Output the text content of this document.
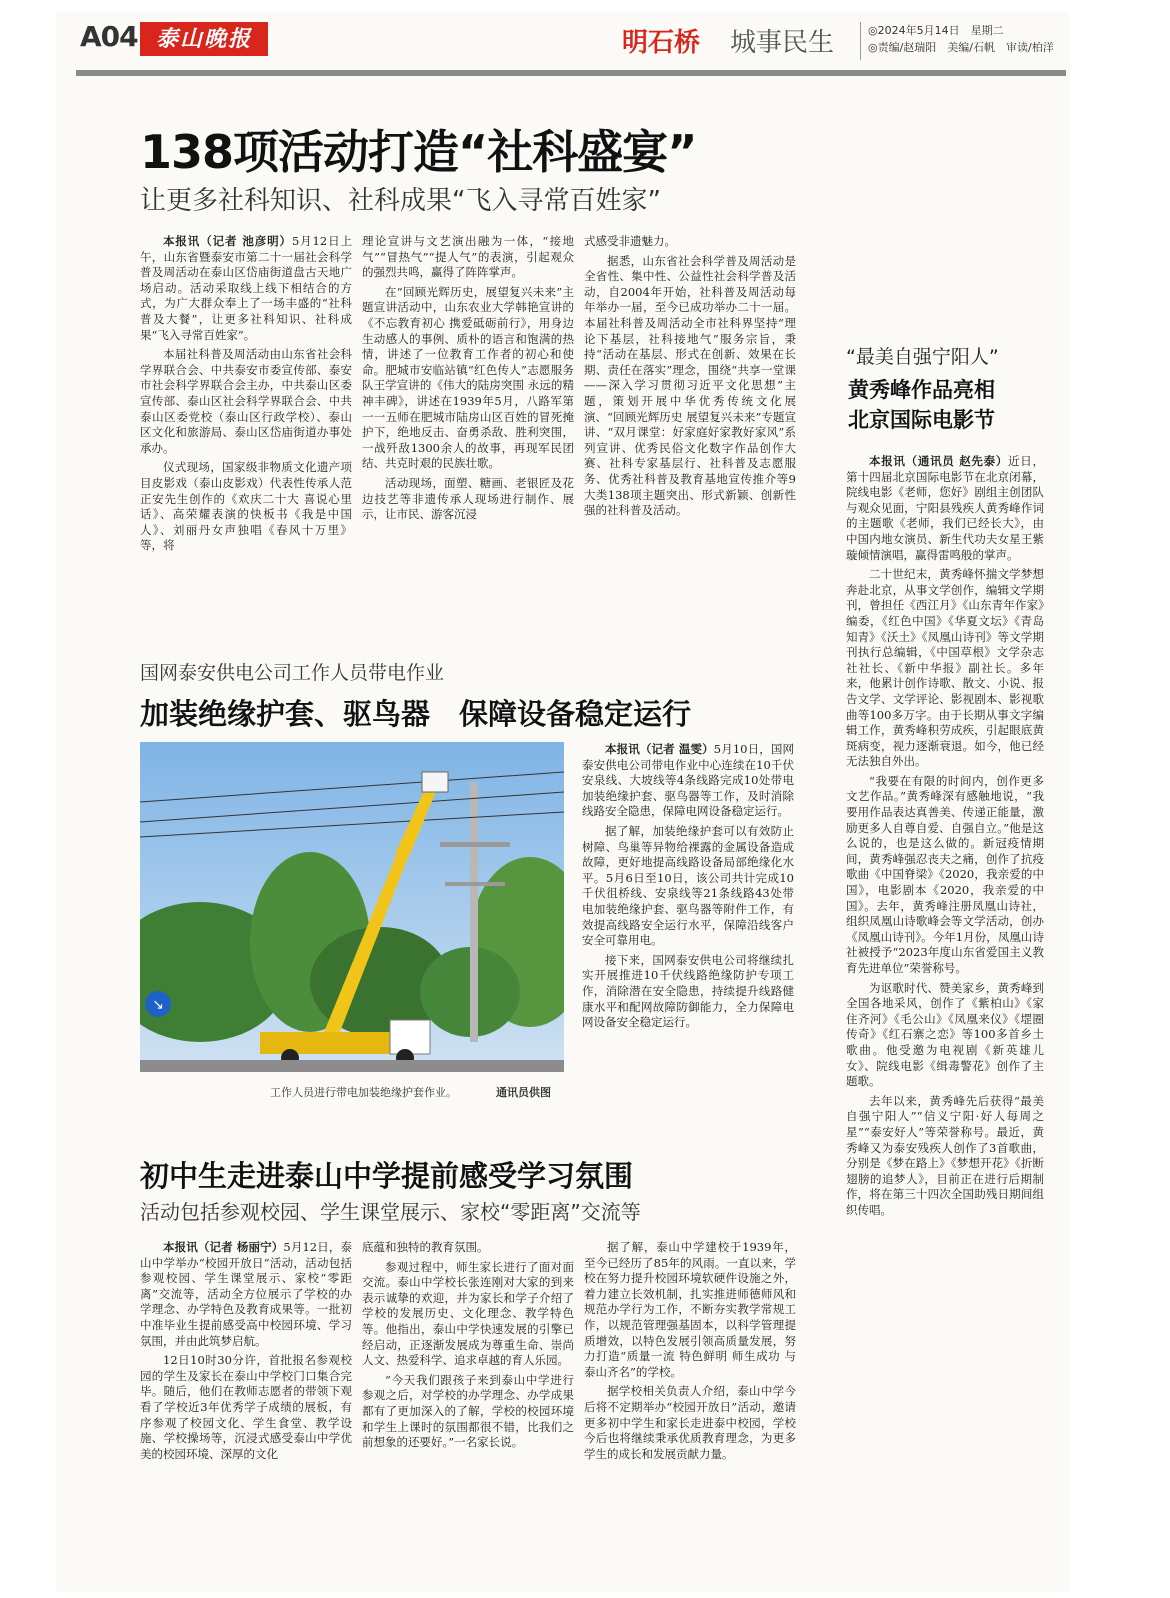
A04 泰山晚报	明石桥 城事民生	◎2024年5月14日　星期二
◎责编/赵瑞阳　美编/石帆　审读/柏洋
138项活动打造“社科盛宴”
让更多社科知识、社科成果“飞入寻常百姓家”

本报讯（记者 池彦明）5月12日上午，山东省暨泰安市第二十一届社会科学普及周活动在泰山区岱庙街道盘古天地广场启动。活动采取线上线下相结合的方式，为广大群众奉上了一场丰盛的“社科普及大餐”，让更多社科知识、社科成果“飞入寻常百姓家”。

本届社科普及周活动由山东省社会科学界联合会、中共泰安市委宣传部、泰安市社会科学界联合会主办，中共泰山区委宣传部、泰山区社会科学界联合会、中共泰山区委党校（泰山区行政学校）、泰山区文化和旅游局、泰山区岱庙街道办事处承办。

仪式现场，国家级非物质文化遗产项目皮影戏（泰山皮影戏）代表性传承人范正安先生创作的《欢庆二十大 喜说心里话》、高荣耀表演的快板书《我是中国人》、刘丽丹女声独唱《春风十万里》等，将

理论宣讲与文艺演出融为一体，“接地气”“冒热气”“提人气”的表演，引起观众的强烈共鸣，赢得了阵阵掌声。

在“回顾光辉历史，展望复兴未来”主题宣讲活动中，山东农业大学韩艳宣讲的《不忘教育初心 携爱砥砺前行》，用身边生动感人的事例、质朴的语言和饱满的热情，讲述了一位教育工作者的初心和使命。肥城市安临站镇“红色传人”志愿服务队王学宣讲的《伟大的陆房突围 永远的精神丰碑》，讲述在1939年5月，八路军第一一五师在肥城市陆房山区百姓的冒死掩护下，绝地反击、奋勇杀敌、胜利突围，一战歼敌1300余人的故事，再现军民团结、共克时艰的民族壮歌。

活动现场，面塑、糖画、老银匠及花边技艺等非遗传承人现场进行制作、展示，让市民、游客沉浸

式感受非遗魅力。

据悉，山东省社会科学普及周活动是全省性、集中性、公益性社会科学普及活动，自2004年开始，社科普及周活动每年举办一届，至今已成功举办二十一届。本届社科普及周活动全市社科界坚持“理论下基层，社科接地气”服务宗旨，秉持“活动在基层、形式在创新、效果在长期、责任在落实”理念，围绕“共享一堂课——深入学习贯彻习近平文化思想”主题，策划开展中华优秀传统文化展演、“回顾光辉历史 展望复兴未来”专题宣讲、“双月课堂：好家庭好家教好家风”系列宣讲、优秀民俗文化数字作品创作大赛、社科专家基层行、社科普及志愿服务、优秀社科普及教育基地宣传推介等9大类138项主题突出、形式新颖、创新性强的社科普及活动。

国网泰安供电公司工作人员带电作业
加装绝缘护套、驱鸟器　保障设备稳定运行
↘
工作人员进行带电加装绝缘护套作业。	通讯员供图

本报讯（记者 温雯）5月10日，国网泰安供电公司带电作业中心连续在10千伏安泉线、大坡线等4条线路完成10处带电加装绝缘护套、驱鸟器等工作，及时消除线路安全隐患，保障电网设备稳定运行。

据了解，加装绝缘护套可以有效防止树障、鸟巢等异物给裸露的金属设备造成故障，更好地提高线路设备局部绝缘化水平。5月6日至10日，该公司共计完成10千伏徂桥线、安泉线等21条线路43处带电加装绝缘护套、驱鸟器等附件工作，有效提高线路安全运行水平，保障沿线客户安全可靠用电。

接下来，国网泰安供电公司将继续扎实开展推进10千伏线路绝缘防护专项工作，消除潜在安全隐患，持续提升线路健康水平和配网故障防御能力，全力保障电网设备安全稳定运行。

初中生走进泰山中学提前感受学习氛围
活动包括参观校园、学生课堂展示、家校“零距离”交流等

本报讯（记者 杨丽宁）5月12日，泰山中学举办“校园开放日”活动，活动包括参观校园、学生课堂展示、家校“零距离”交流等，活动全方位展示了学校的办学理念、办学特色及教育成果等。一批初中准毕业生提前感受高中校园环境、学习氛围，并由此筑梦启航。

12日10时30分许，首批报名参观校园的学生及家长在泰山中学校门口集合完毕。随后，他们在教师志愿者的带领下观看了学校近3年优秀学子成绩的展板，有序参观了校园文化、学生食堂、教学设施、学校操场等，沉浸式感受泰山中学优美的校园环境、深厚的文化

底蕴和独特的教育氛围。

参观过程中，师生家长进行了面对面交流。泰山中学校长张连刚对大家的到来表示诚挚的欢迎，并为家长和学子介绍了学校的发展历史、文化理念、教学特色等。他指出，泰山中学快速发展的引擎已经启动，正逐渐发展成为尊重生命、崇尚人文、热爱科学、追求卓越的育人乐园。

“今天我们跟孩子来到泰山中学进行参观之后，对学校的办学理念、办学成果都有了更加深入的了解，学校的校园环境和学生上课时的氛围都很不错，比我们之前想象的还要好。”一名家长说。

据了解，泰山中学建校于1939年，至今已经历了85年的风雨。一直以来，学校在努力提升校园环境软硬件设施之外，着力建立长效机制，扎实推进师德师风和规范办学行为工作，不断夯实教学常规工作，以规范管理强基固本，以科学管理提质增效，以特色发展引领高质量发展，努力打造“质量一流 特色鲜明 师生成功 与泰山齐名”的学校。

据学校相关负责人介绍，泰山中学今后将不定期举办“校园开放日”活动，邀请更多初中学生和家长走进泰中校园，学校今后也将继续秉承优质教育理念，为更多学生的成长和发展贡献力量。

“最美自强宁阳人”
黄秀峰作品亮相
北京国际电影节

本报讯（通讯员 赵先泰）近日，第十四届北京国际电影节在北京闭幕，院线电影《老师，您好》剧组主创团队与观众见面，宁阳县残疾人黄秀峰作词的主题歌《老师，我们已经长大》，由中国内地女演员、新生代功夫女星王紫璇倾情演唱，赢得雷鸣般的掌声。

二十世纪末，黄秀峰怀揣文学梦想奔赴北京，从事文学创作，编辑文学期刊，曾担任《西江月》《山东青年作家》编委，《红色中国》《华夏文坛》《青岛知青》《沃土》《凤凰山诗刊》等文学期刊执行总编辑，《中国草根》文学杂志社社长、《新中华报》副社长。多年来，他累计创作诗歌、散文、小说、报告文学、文学评论、影视剧本、影视歌曲等100多万字。由于长期从事文字编辑工作，黄秀峰积劳成疾，引起眼底黄斑病变，视力逐渐衰退。如今，他已经无法独自外出。

“我要在有限的时间内，创作更多文艺作品。”黄秀峰深有感触地说，“我要用作品表达真善美、传递正能量，激励更多人自尊自爱、自强自立。”他是这么说的，也是这么做的。新冠疫情期间，黄秀峰强忍丧夫之痛，创作了抗疫歌曲《中国脊梁》《2020，我亲爱的中国》，电影剧本《2020，我亲爱的中国》。去年，黄秀峰注册凤凰山诗社，组织凤凰山诗歌峰会等文学活动，创办《凤凰山诗刊》。今年1月份，凤凰山诗社被授予“2023年度山东省爱国主义教育先进单位”荣誉称号。

为讴歌时代、赞美家乡，黄秀峰到全国各地采风，创作了《紫柏山》《家住齐河》《毛公山》《凤凰来仪》《堽圈传奇》《红石寨之恋》等100多首乡土歌曲。他受邀为电视剧《新英雄儿女》、院线电影《缉毒警花》创作了主题歌。

去年以来，黄秀峰先后获得“最美自强宁阳人”“信义宁阳·好人每周之星”“泰安好人”等荣誉称号。最近，黄秀峰又为泰安残疾人创作了3首歌曲，分别是《梦在路上》《梦想开花》《折断翅膀的追梦人》，目前正在进行后期制作，将在第三十四次全国助残日期间组织传唱。
